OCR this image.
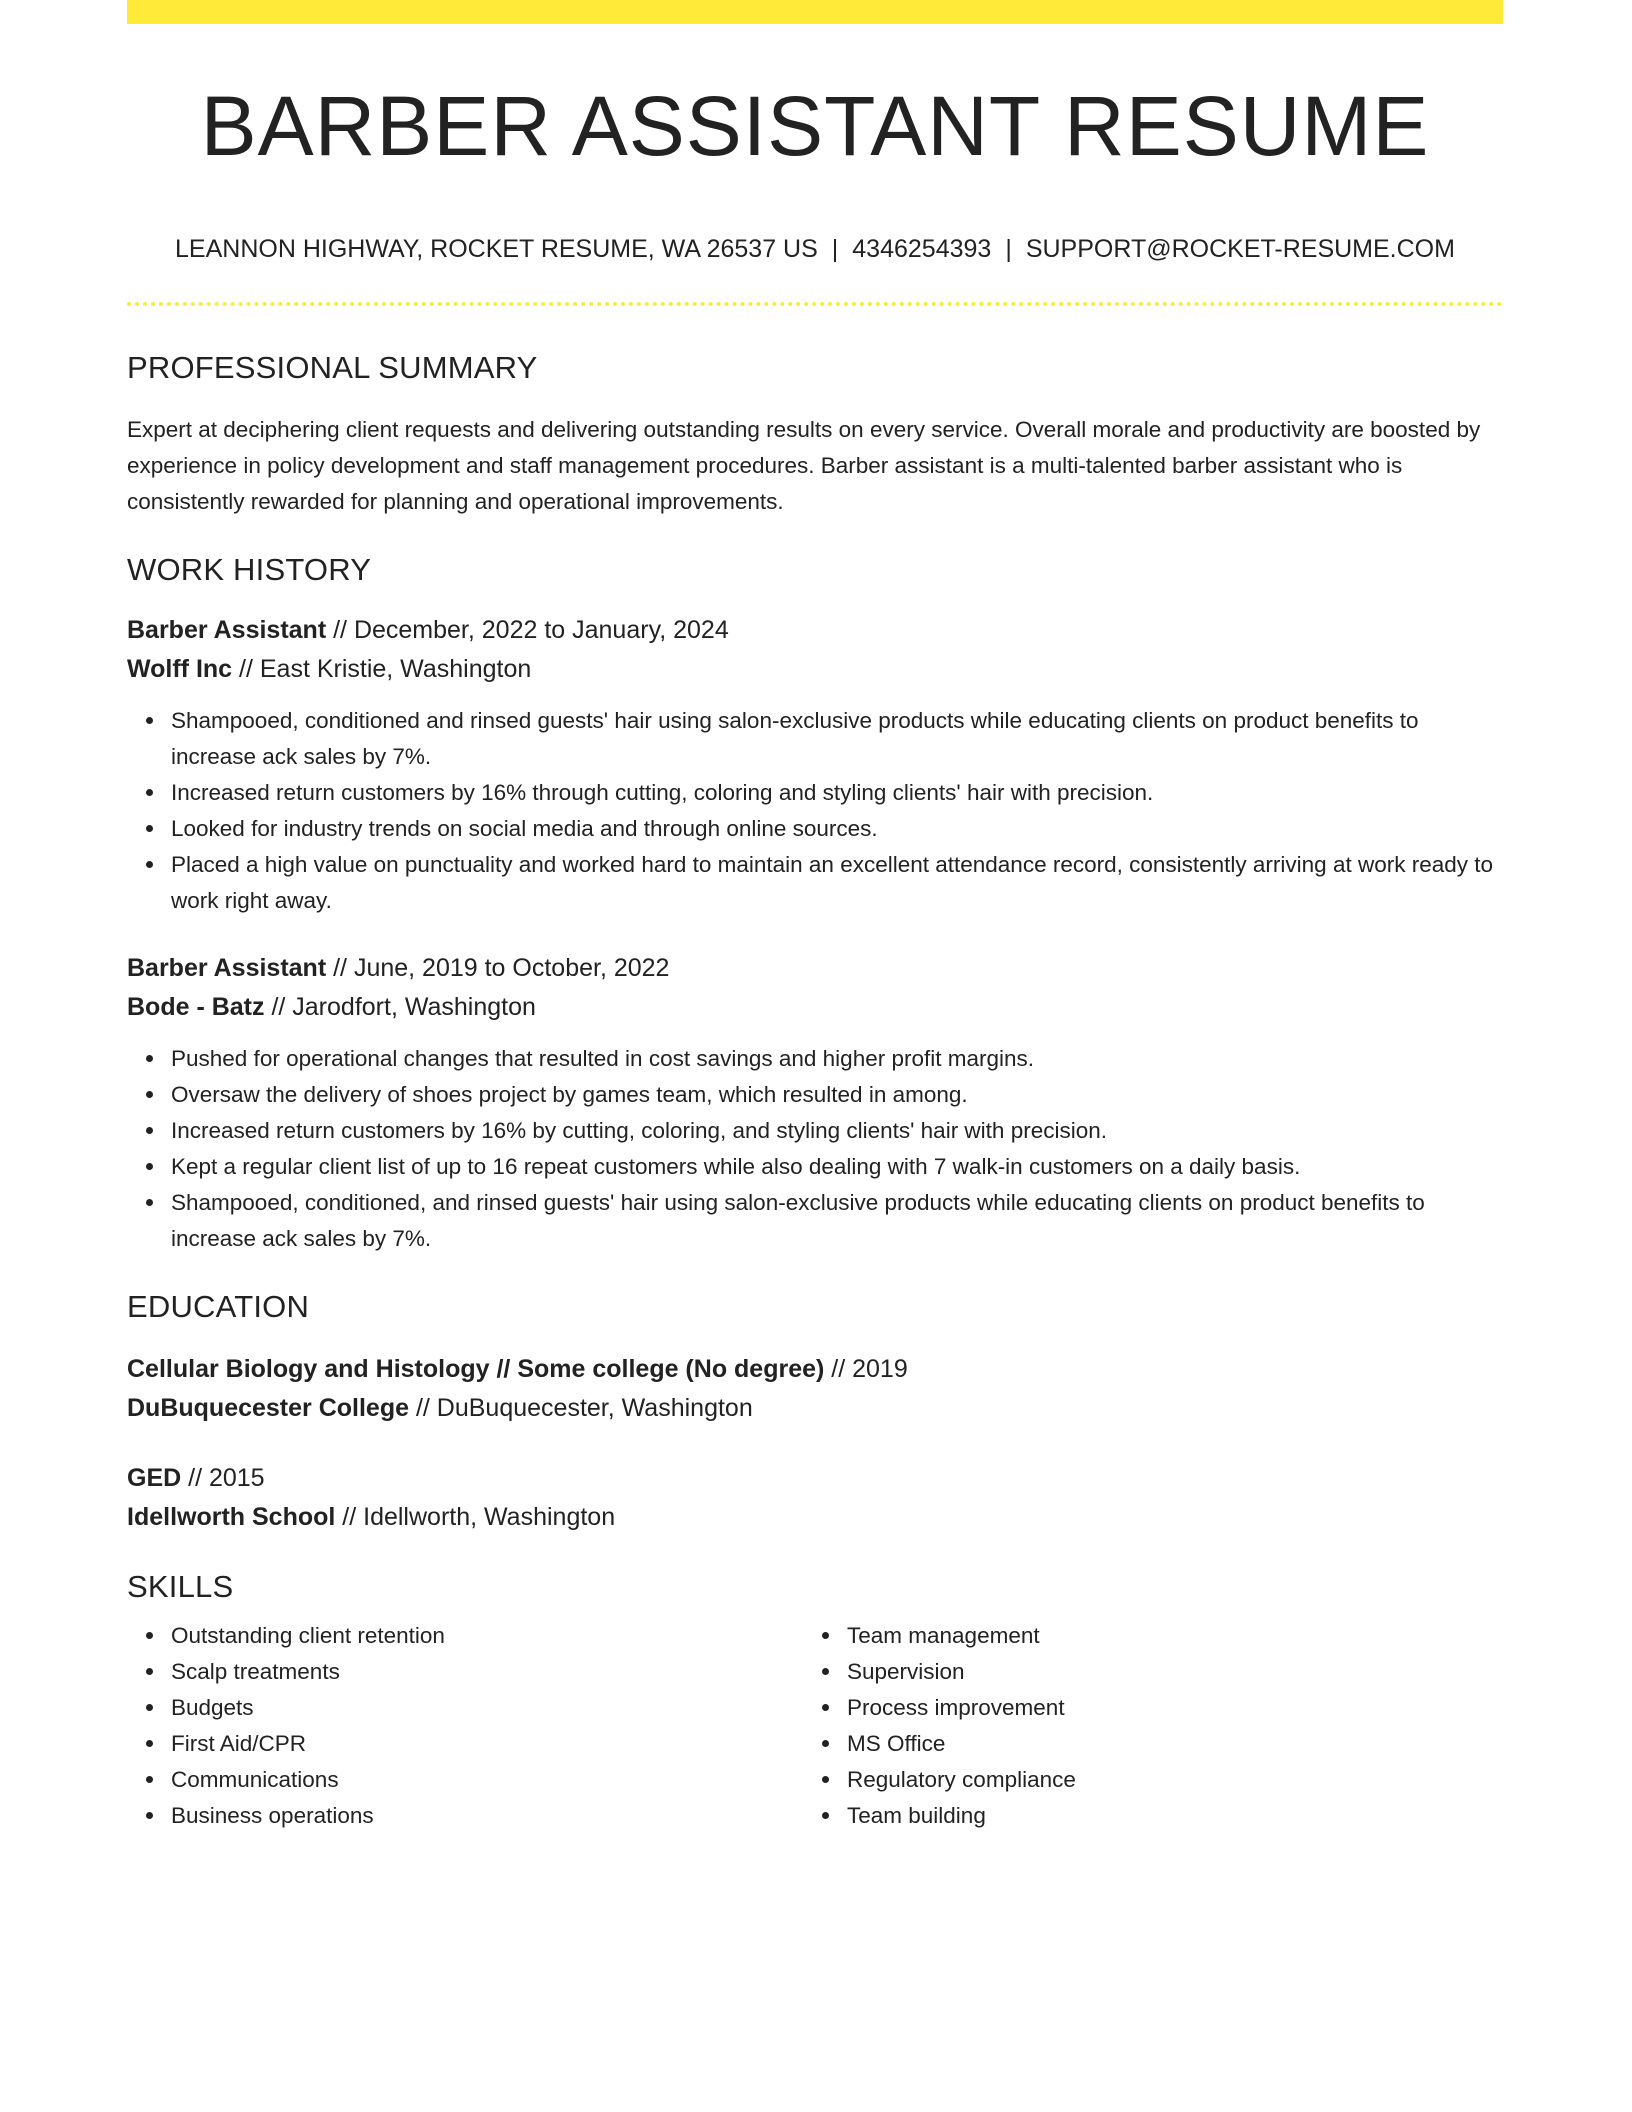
BARBER ASSISTANT RESUME
LEANNON HIGHWAY, ROCKET RESUME, WA 26537 US | 4346254393 | SUPPORT@ROCKET-RESUME.COM
PROFESSIONAL SUMMARY
Expert at deciphering client requests and delivering outstanding results on every service. Overall morale and productivity are boosted by experience in policy development and staff management procedures. Barber assistant is a multi-talented barber assistant who is consistently rewarded for planning and operational improvements.
WORK HISTORY
Barber Assistant // December, 2022 to January, 2024
Wolff Inc // East Kristie, Washington
Shampooed, conditioned and rinsed guests' hair using salon-exclusive products while educating clients on product benefits to increase ack sales by 7%.
Increased return customers by 16% through cutting, coloring and styling clients' hair with precision.
Looked for industry trends on social media and through online sources.
Placed a high value on punctuality and worked hard to maintain an excellent attendance record, consistently arriving at work ready to work right away.
Barber Assistant // June, 2019 to October, 2022
Bode - Batz // Jarodfort, Washington
Pushed for operational changes that resulted in cost savings and higher profit margins.
Oversaw the delivery of shoes project by games team, which resulted in among.
Increased return customers by 16% by cutting, coloring, and styling clients' hair with precision.
Kept a regular client list of up to 16 repeat customers while also dealing with 7 walk-in customers on a daily basis.
Shampooed, conditioned, and rinsed guests' hair using salon-exclusive products while educating clients on product benefits to increase ack sales by 7%.
EDUCATION
Cellular Biology and Histology // Some college (No degree) // 2019
DuBuquecester College // DuBuquecester, Washington
GED // 2015
Idellworth School // Idellworth, Washington
SKILLS
Outstanding client retention
Scalp treatments
Budgets
First Aid/CPR
Communications
Business operations
Team management
Supervision
Process improvement
MS Office
Regulatory compliance
Team building
